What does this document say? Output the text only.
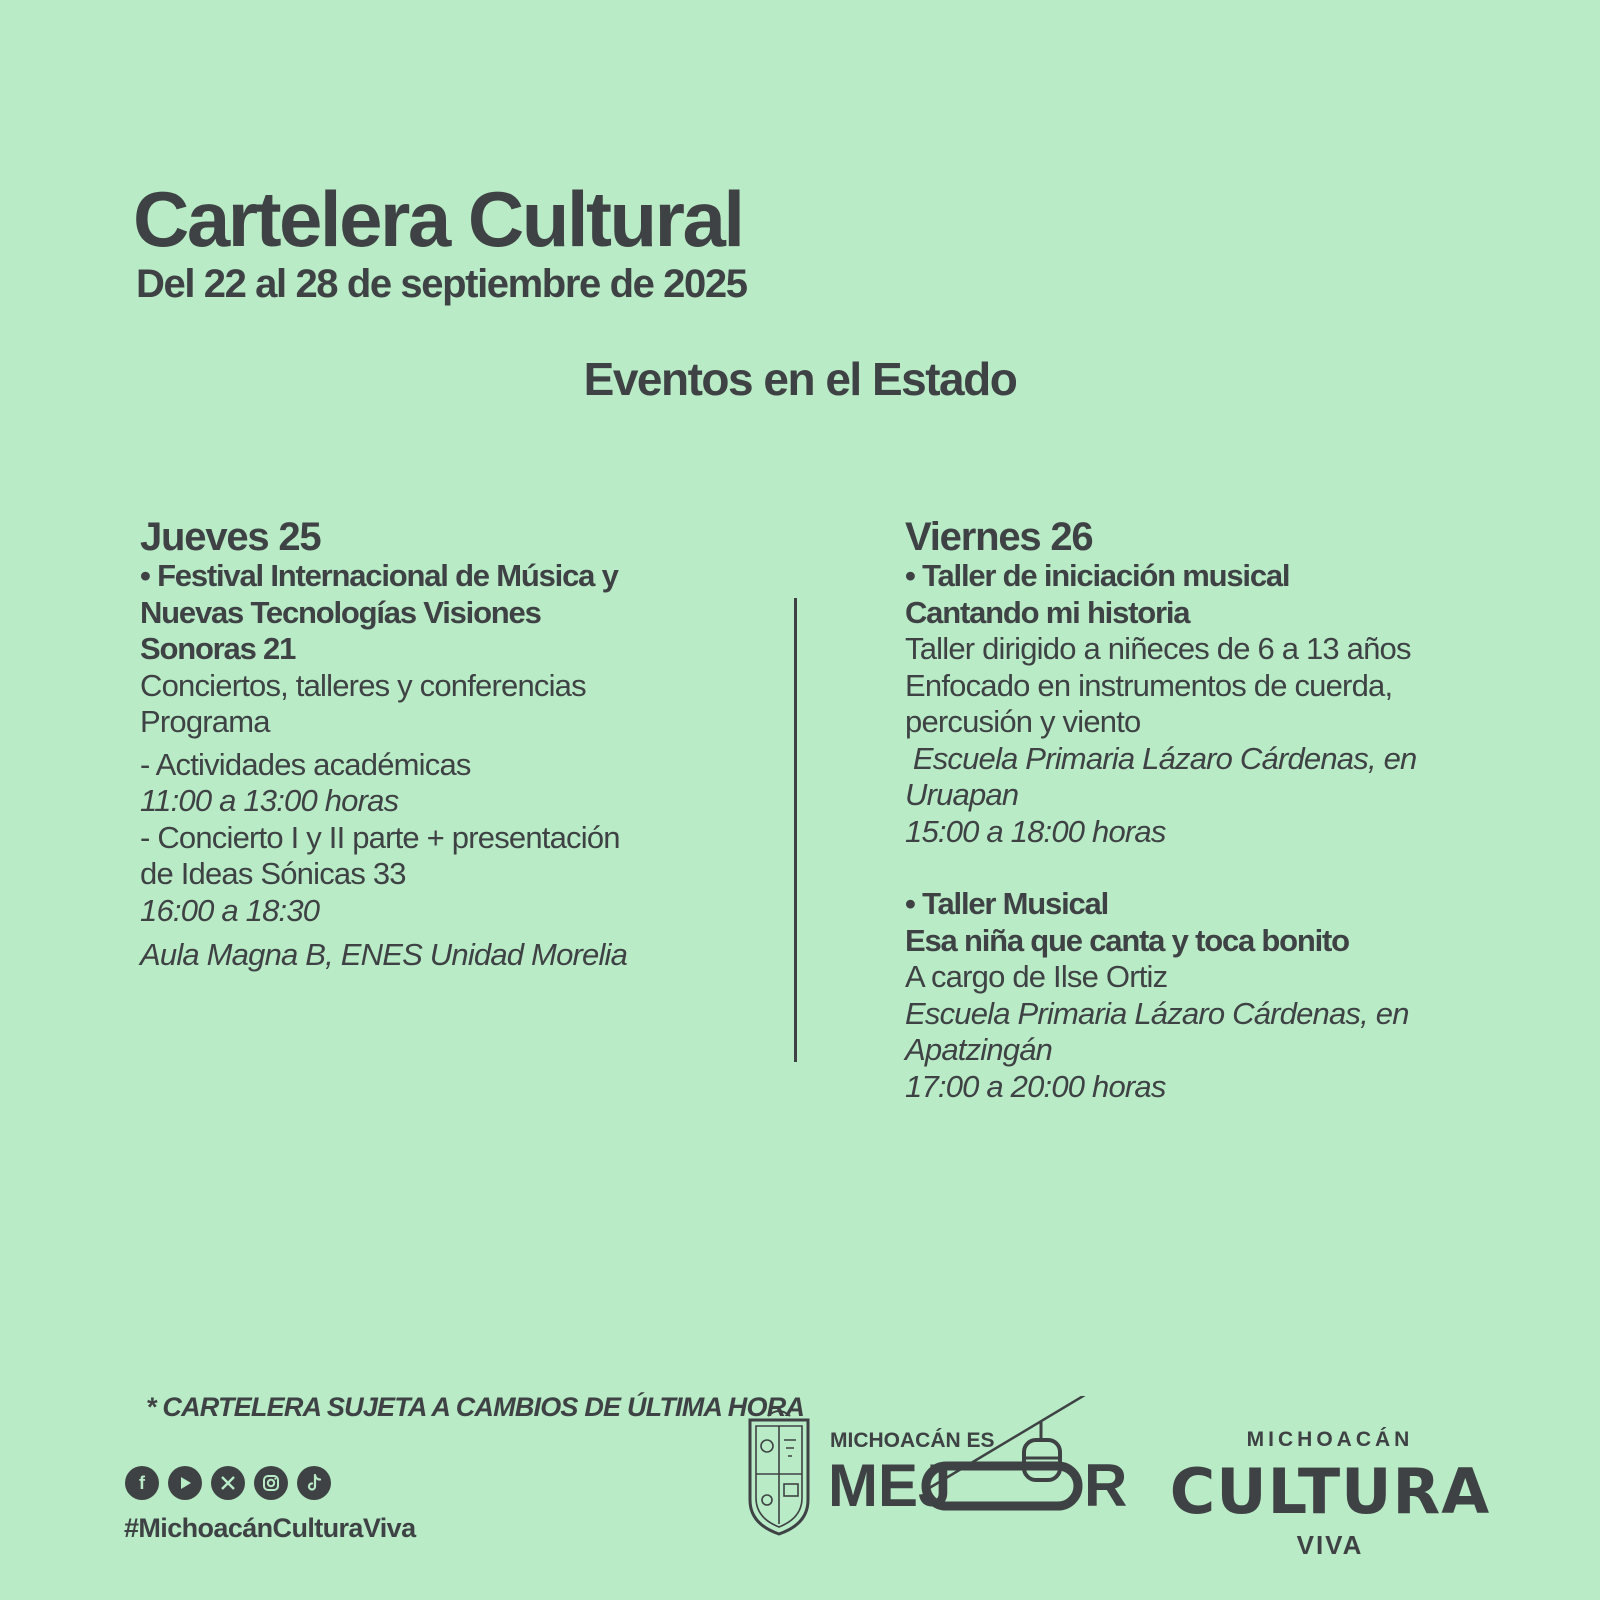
Cartelera Cultural
Del 22 al 28 de septiembre de 2025
Eventos en el Estado
Jueves 25
• Festival Internacional de Música y
Nuevas Tecnologías Visiones
Sonoras 21
Conciertos, talleres y conferencias
Programa
- Actividades académicas
11:00 a 13:00 horas
- Concierto I y II parte + presentación
de Ideas Sónicas 33
16:00 a 18:30
Aula Magna B, ENES Unidad Morelia
Viernes 26
• Taller de iniciación musical
Cantando mi historia
Taller dirigido a niñeces de 6 a 13 años
Enfocado en instrumentos de cuerda,
percusión y viento
Escuela Primaria Lázaro Cárdenas, en
Uruapan
15:00 a 18:00 horas
• Taller Musical
Esa niña que canta y toca bonito
A cargo de Ilse Ortiz
Escuela Primaria Lázaro Cárdenas, en
Apatzingán
17:00 a 20:00 horas
* CARTELERA SUJETA A CAMBIOS DE ÚLTIMA HORA
f
#MichoacánCulturaViva
MICHOACÁN ES
MEJ R
MICHOACÁN
CULTURA
VIVA
